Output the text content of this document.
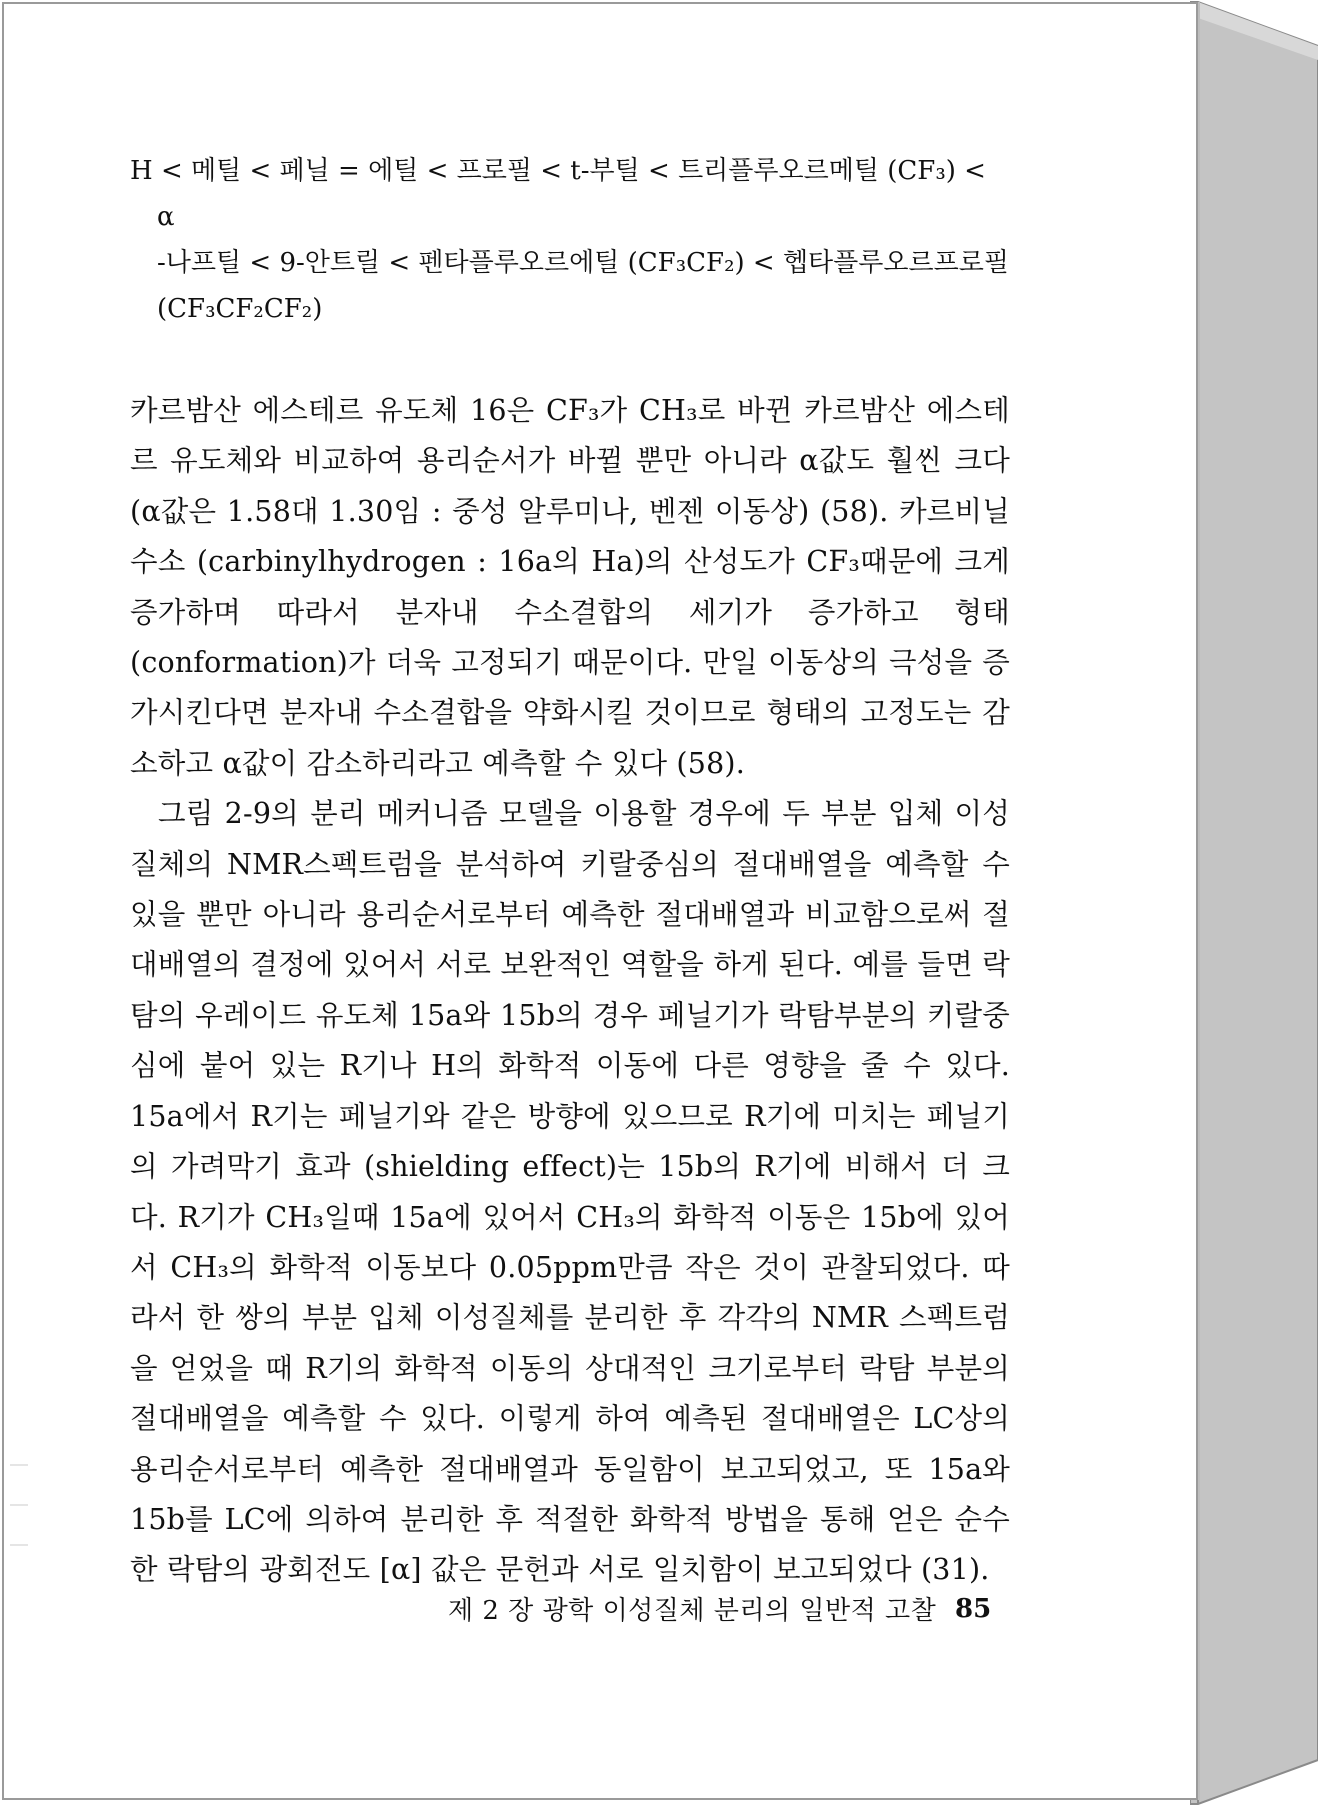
H < 메틸 < 페닐 = 에틸 < 프로필 < t-부틸 < 트리플루오르메틸 (CF₃) < α

-나프틸 < 9-안트릴 < 펜타플루오르에틸 (CF₃CF₂) < 헵타플루오르프로필

(CF₃CF₂CF₂)

카르밤산 에스테르 유도체 16은 CF₃가 CH₃로 바뀐 카르밤산 에스테르 유도체와 비교하여 용리순서가 바뀔 뿐만 아니라 α값도 훨씬 크다 (α값은 1.58대 1.30임 : 중성 알루미나, 벤젠 이동상) (58). 카르비닐수소 (carbinylhydrogen : 16a의 Ha)의 산성도가 CF₃때문에 크게 증가하며 따라서 분자내 수소결합의 세기가 증가하고 형태 (conformation)가 더욱 고정되기 때문이다. 만일 이동상의 극성을 증가시킨다면 분자내 수소결합을 약화시킬 것이므로 형태의 고정도는 감소하고 α값이 감소하리라고 예측할 수 있다 (58).

그림 2-9의 분리 메커니즘 모델을 이용할 경우에 두 부분 입체 이성질체의 NMR스펙트럼을 분석하여 키랄중심의 절대배열을 예측할 수 있을 뿐만 아니라 용리순서로부터 예측한 절대배열과 비교함으로써 절대배열의 결정에 있어서 서로 보완적인 역할을 하게 된다. 예를 들면 락탐의 우레이드 유도체 15a와 15b의 경우 페닐기가 락탐부분의 키랄중심에 붙어 있는 R기나 H의 화학적 이동에 다른 영향을 줄 수 있다. 15a에서 R기는 페닐기와 같은 방향에 있으므로 R기에 미치는 페닐기의 가려막기 효과 (shielding effect)는 15b의 R기에 비해서 더 크다. R기가 CH₃일때 15a에 있어서 CH₃의 화학적 이동은 15b에 있어서 CH₃의 화학적 이동보다 0.05ppm만큼 작은 것이 관찰되었다. 따라서 한 쌍의 부분 입체 이성질체를 분리한 후 각각의 NMR 스펙트럼을 얻었을 때 R기의 화학적 이동의 상대적인 크기로부터 락탐 부분의 절대배열을 예측할 수 있다. 이렇게 하여 예측된 절대배열은 LC상의 용리순서로부터 예측한 절대배열과 동일함이 보고되었고, 또 15a와 15b를 LC에 의하여 분리한 후 적절한 화학적 방법을 통해 얻은 순수한 락탐의 광회전도 [α] 값은 문헌과 서로 일치함이 보고되었다 (31).

제 2 장 광학 이성질체 분리의 일반적 고찰 85
